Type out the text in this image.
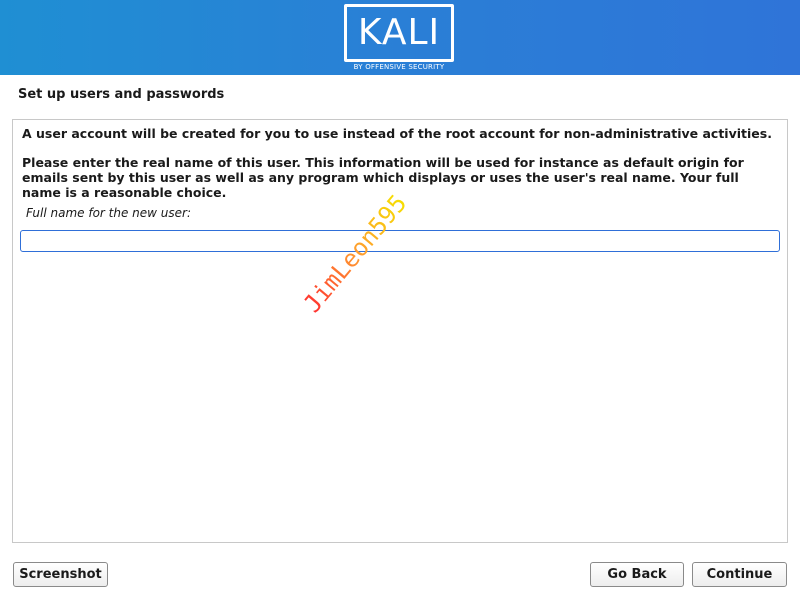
KALI
BY OFFENSIVE SECURITY
Set up users and passwords
A user account will be created for you to use instead of the root account for non-administrative activities.
Please enter the real name of this user. This information will be used for instance as default origin for emails sent by this user as well as any program which displays or uses the user's real name. Your full name is a reasonable choice.
Full name for the new user:	JimLeon595
Screenshot	Go Back	Continue
